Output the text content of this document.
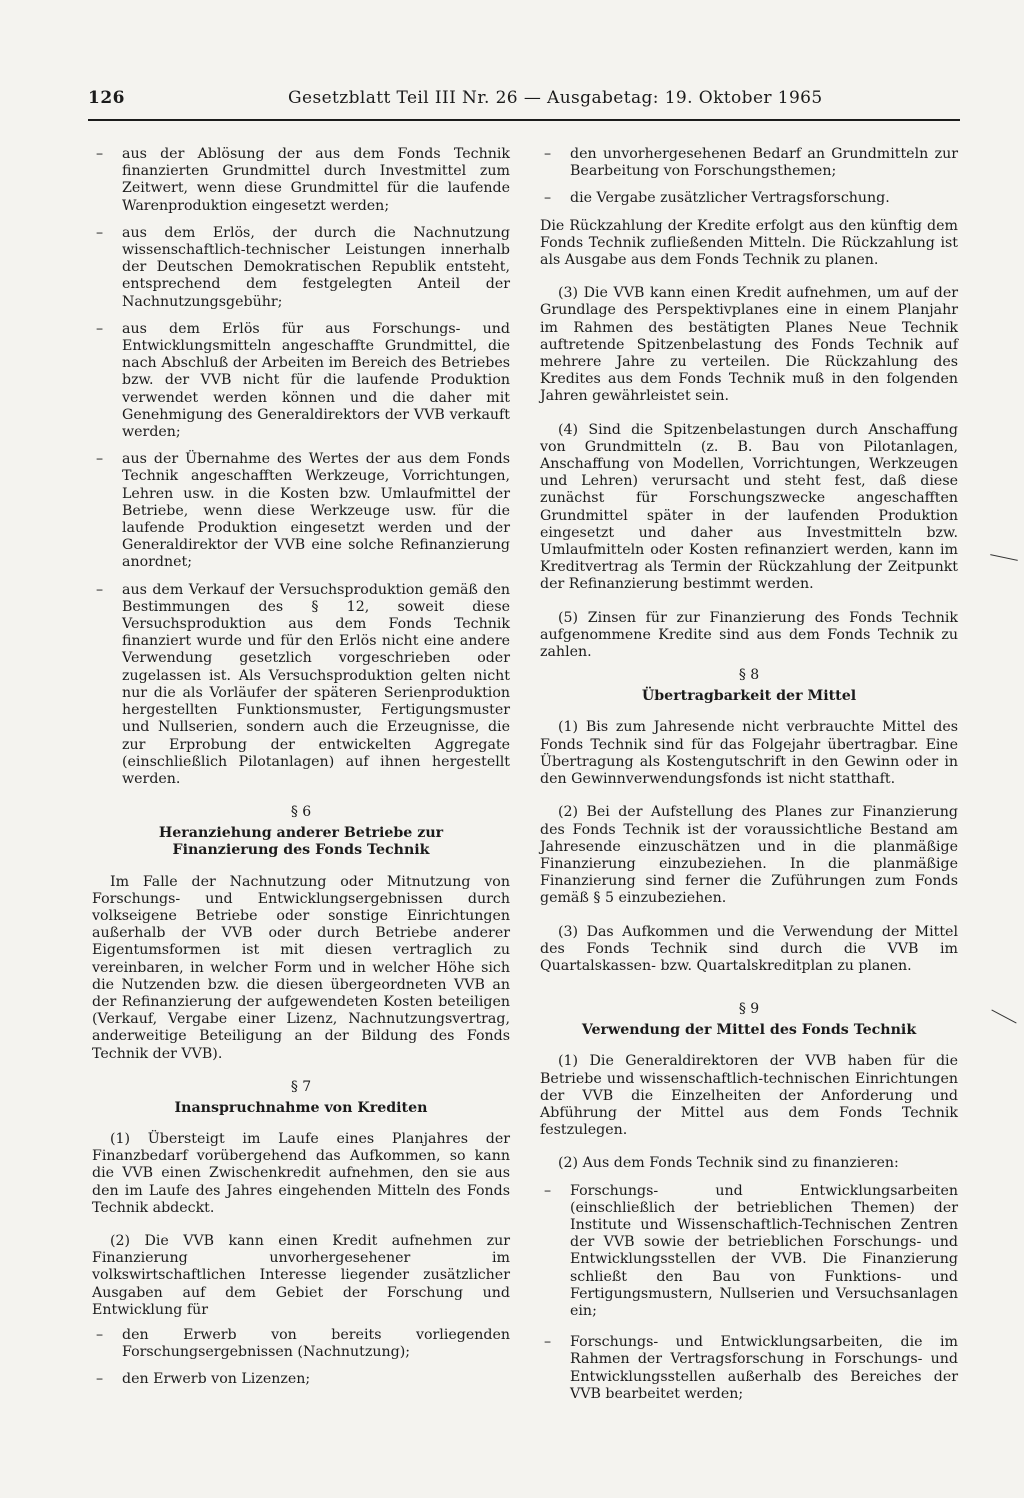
126	Gesetzblatt Teil III Nr. 26 — Ausgabetag: 19. Oktober 1965

– aus der Ablösung der aus dem Fonds Technik finanzierten Grundmittel durch Investmittel zum Zeitwert, wenn diese Grundmittel für die laufende Warenproduktion eingesetzt werden;

– aus dem Erlös, der durch die Nachnutzung wissenschaftlich-technischer Leistungen innerhalb der Deutschen Demokratischen Republik entsteht, entsprechend dem festgelegten Anteil der Nachnutzungsgebühr;

– aus dem Erlös für aus Forschungs- und Entwicklungsmitteln angeschaffte Grundmittel, die nach Abschluß der Arbeiten im Bereich des Betriebes bzw. der VVB nicht für die laufende Produktion verwendet werden können und die daher mit Genehmigung des Generaldirektors der VVB verkauft werden;

– aus der Übernahme des Wertes der aus dem Fonds Technik angeschafften Werkzeuge, Vorrichtungen, Lehren usw. in die Kosten bzw. Umlaufmittel der Betriebe, wenn diese Werkzeuge usw. für die laufende Produktion eingesetzt werden und der Generaldirektor der VVB eine solche Refinanzierung anordnet;

– aus dem Verkauf der Versuchsproduktion gemäß den Bestimmungen des § 12, soweit diese Versuchsproduktion aus dem Fonds Technik finanziert wurde und für den Erlös nicht eine andere Verwendung gesetzlich vorgeschrieben oder zugelassen ist. Als Versuchsproduktion gelten nicht nur die als Vorläufer der späteren Serienproduktion hergestellten Funktionsmuster, Fertigungsmuster und Nullserien, sondern auch die Erzeugnisse, die zur Erprobung der entwickelten Aggregate (einschließlich Pilotanlagen) auf ihnen hergestellt werden.

§ 6
Heranziehung anderer Betriebe zur Finanzierung des Fonds Technik

Im Falle der Nachnutzung oder Mitnutzung von Forschungs- und Entwicklungsergebnissen durch volkseigene Betriebe oder sonstige Einrichtungen außerhalb der VVB oder durch Betriebe anderer Eigentumsformen ist mit diesen vertraglich zu vereinbaren, in welcher Form und in welcher Höhe sich die Nutzenden bzw. die diesen übergeordneten VVB an der Refinanzierung der aufgewendeten Kosten beteiligen (Verkauf, Vergabe einer Lizenz, Nachnutzungsvertrag, anderweitige Beteiligung an der Bildung des Fonds Technik der VVB).

§ 7
Inanspruchnahme von Krediten

(1) Übersteigt im Laufe eines Planjahres der Finanzbedarf vorübergehend das Aufkommen, so kann die VVB einen Zwischenkredit aufnehmen, den sie aus den im Laufe des Jahres eingehenden Mitteln des Fonds Technik abdeckt.

(2) Die VVB kann einen Kredit aufnehmen zur Finanzierung unvorhergesehener im volkswirtschaftlichen Interesse liegender zusätzlicher Ausgaben auf dem Gebiet der Forschung und Entwicklung für

– den Erwerb von bereits vorliegenden Forschungsergebnissen (Nachnutzung);

– den Erwerb von Lizenzen;

– den unvorhergesehenen Bedarf an Grundmitteln zur Bearbeitung von Forschungsthemen;

– die Vergabe zusätzlicher Vertragsforschung.

Die Rückzahlung der Kredite erfolgt aus den künftig dem Fonds Technik zufließenden Mitteln. Die Rückzahlung ist als Ausgabe aus dem Fonds Technik zu planen.

(3) Die VVB kann einen Kredit aufnehmen, um auf der Grundlage des Perspektivplanes eine in einem Planjahr im Rahmen des bestätigten Planes Neue Technik auftretende Spitzenbelastung des Fonds Technik auf mehrere Jahre zu verteilen. Die Rückzahlung des Kredites aus dem Fonds Technik muß in den folgenden Jahren gewährleistet sein.

(4) Sind die Spitzenbelastungen durch Anschaffung von Grundmitteln (z. B. Bau von Pilotanlagen, Anschaffung von Modellen, Vorrichtungen, Werkzeugen und Lehren) verursacht und steht fest, daß diese zunächst für Forschungszwecke angeschafften Grundmittel später in der laufenden Produktion eingesetzt und daher aus Investmitteln bzw. Umlaufmitteln oder Kosten refinanziert werden, kann im Kreditvertrag als Termin der Rückzahlung der Zeitpunkt der Refinanzierung bestimmt werden.

(5) Zinsen für zur Finanzierung des Fonds Technik aufgenommene Kredite sind aus dem Fonds Technik zu zahlen.

§ 8
Übertragbarkeit der Mittel

(1) Bis zum Jahresende nicht verbrauchte Mittel des Fonds Technik sind für das Folgejahr übertragbar. Eine Übertragung als Kostengutschrift in den Gewinn oder in den Gewinnverwendungsfonds ist nicht statthaft.

(2) Bei der Aufstellung des Planes zur Finanzierung des Fonds Technik ist der voraussichtliche Bestand am Jahresende einzuschätzen und in die planmäßige Finanzierung einzubeziehen. In die planmäßige Finanzierung sind ferner die Zuführungen zum Fonds gemäß § 5 einzubeziehen.

(3) Das Aufkommen und die Verwendung der Mittel des Fonds Technik sind durch die VVB im Quartalskassen- bzw. Quartalskreditplan zu planen.

§ 9
Verwendung der Mittel des Fonds Technik

(1) Die Generaldirektoren der VVB haben für die Betriebe und wissenschaftlich-technischen Einrichtungen der VVB die Einzelheiten der Anforderung und Abführung der Mittel aus dem Fonds Technik festzulegen.

(2) Aus dem Fonds Technik sind zu finanzieren:

– Forschungs- und Entwicklungsarbeiten (einschließlich der betrieblichen Themen) der Institute und Wissenschaftlich-Technischen Zentren der VVB sowie der betrieblichen Forschungs- und Entwicklungsstellen der VVB. Die Finanzierung schließt den Bau von Funktions- und Fertigungsmustern, Nullserien und Versuchsanlagen ein;

– Forschungs- und Entwicklungsarbeiten, die im Rahmen der Vertragsforschung in Forschungs- und Entwicklungsstellen außerhalb des Bereiches der VVB bearbeitet werden;
